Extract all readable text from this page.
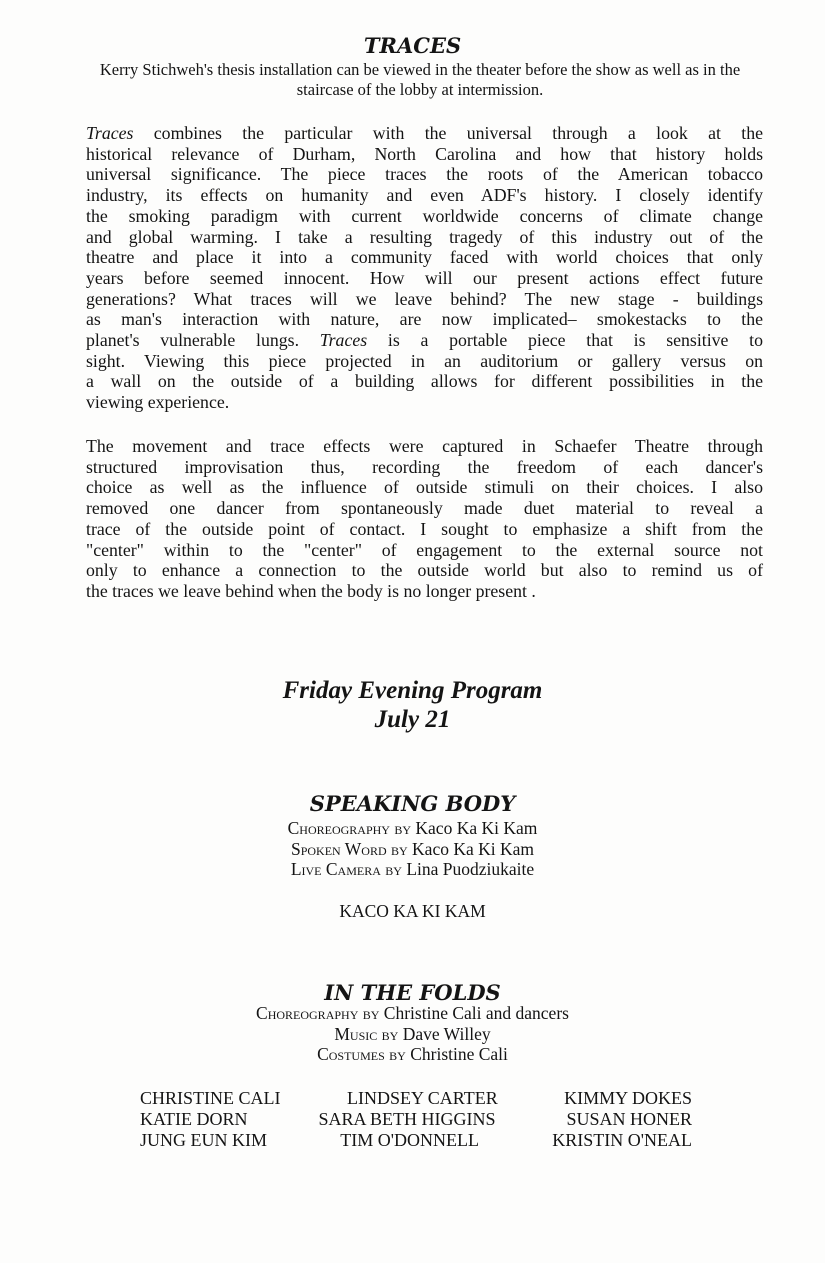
TRACES

Kerry Stichweh's thesis installation can be viewed in the theater before the show as well as in the staircase of the lobby at intermission.

Traces combines the particular with the universal through a look at the
historical relevance of Durham, North Carolina and how that history holds
universal significance. The piece traces the roots of the American tobacco
industry, its effects on humanity and even ADF's history. I closely identify
the smoking paradigm with current worldwide concerns of climate change
and global warming. I take a resulting tragedy of this industry out of the
theatre and place it into a community faced with world choices that only
years before seemed innocent. How will our present actions effect future
generations? What traces will we leave behind? The new stage - buildings
as man's interaction with nature, are now implicated– smokestacks to the
planet's vulnerable lungs. Traces is a portable piece that is sensitive to
sight. Viewing this piece projected in an auditorium or gallery versus on
a wall on the outside of a building allows for different possibilities in the
viewing experience.

The movement and trace effects were captured in Schaefer Theatre through
structured improvisation thus, recording the freedom of each dancer's
choice as well as the influence of outside stimuli on their choices. I also
removed one dancer from spontaneously made duet material to reveal a
trace of the outside point of contact. I sought to emphasize a shift from the
"center" within to the "center" of engagement to the external source not
only to enhance a connection to the outside world but also to remind us of
the traces we leave behind when the body is no longer present .

Friday Evening Program
July 21
SPEAKING BODY

Choreography by Kaco Ka Ki Kam
Spoken Word by Kaco Ka Ki Kam
Live Camera by Lina Puodziukaite

KACO KA KI KAM

IN THE FOLDS

Choreography by Christine Cali and dancers
Music by Dave Willey
Costumes by Christine Cali

CHRISTINE CALI	LINDSEY CARTER	KIMMY DOKES
KATIE DORN	SARA BETH HIGGINS	SUSAN HONER
JUNG EUN KIM	TIM O'DONNELL	KRISTIN O'NEAL
